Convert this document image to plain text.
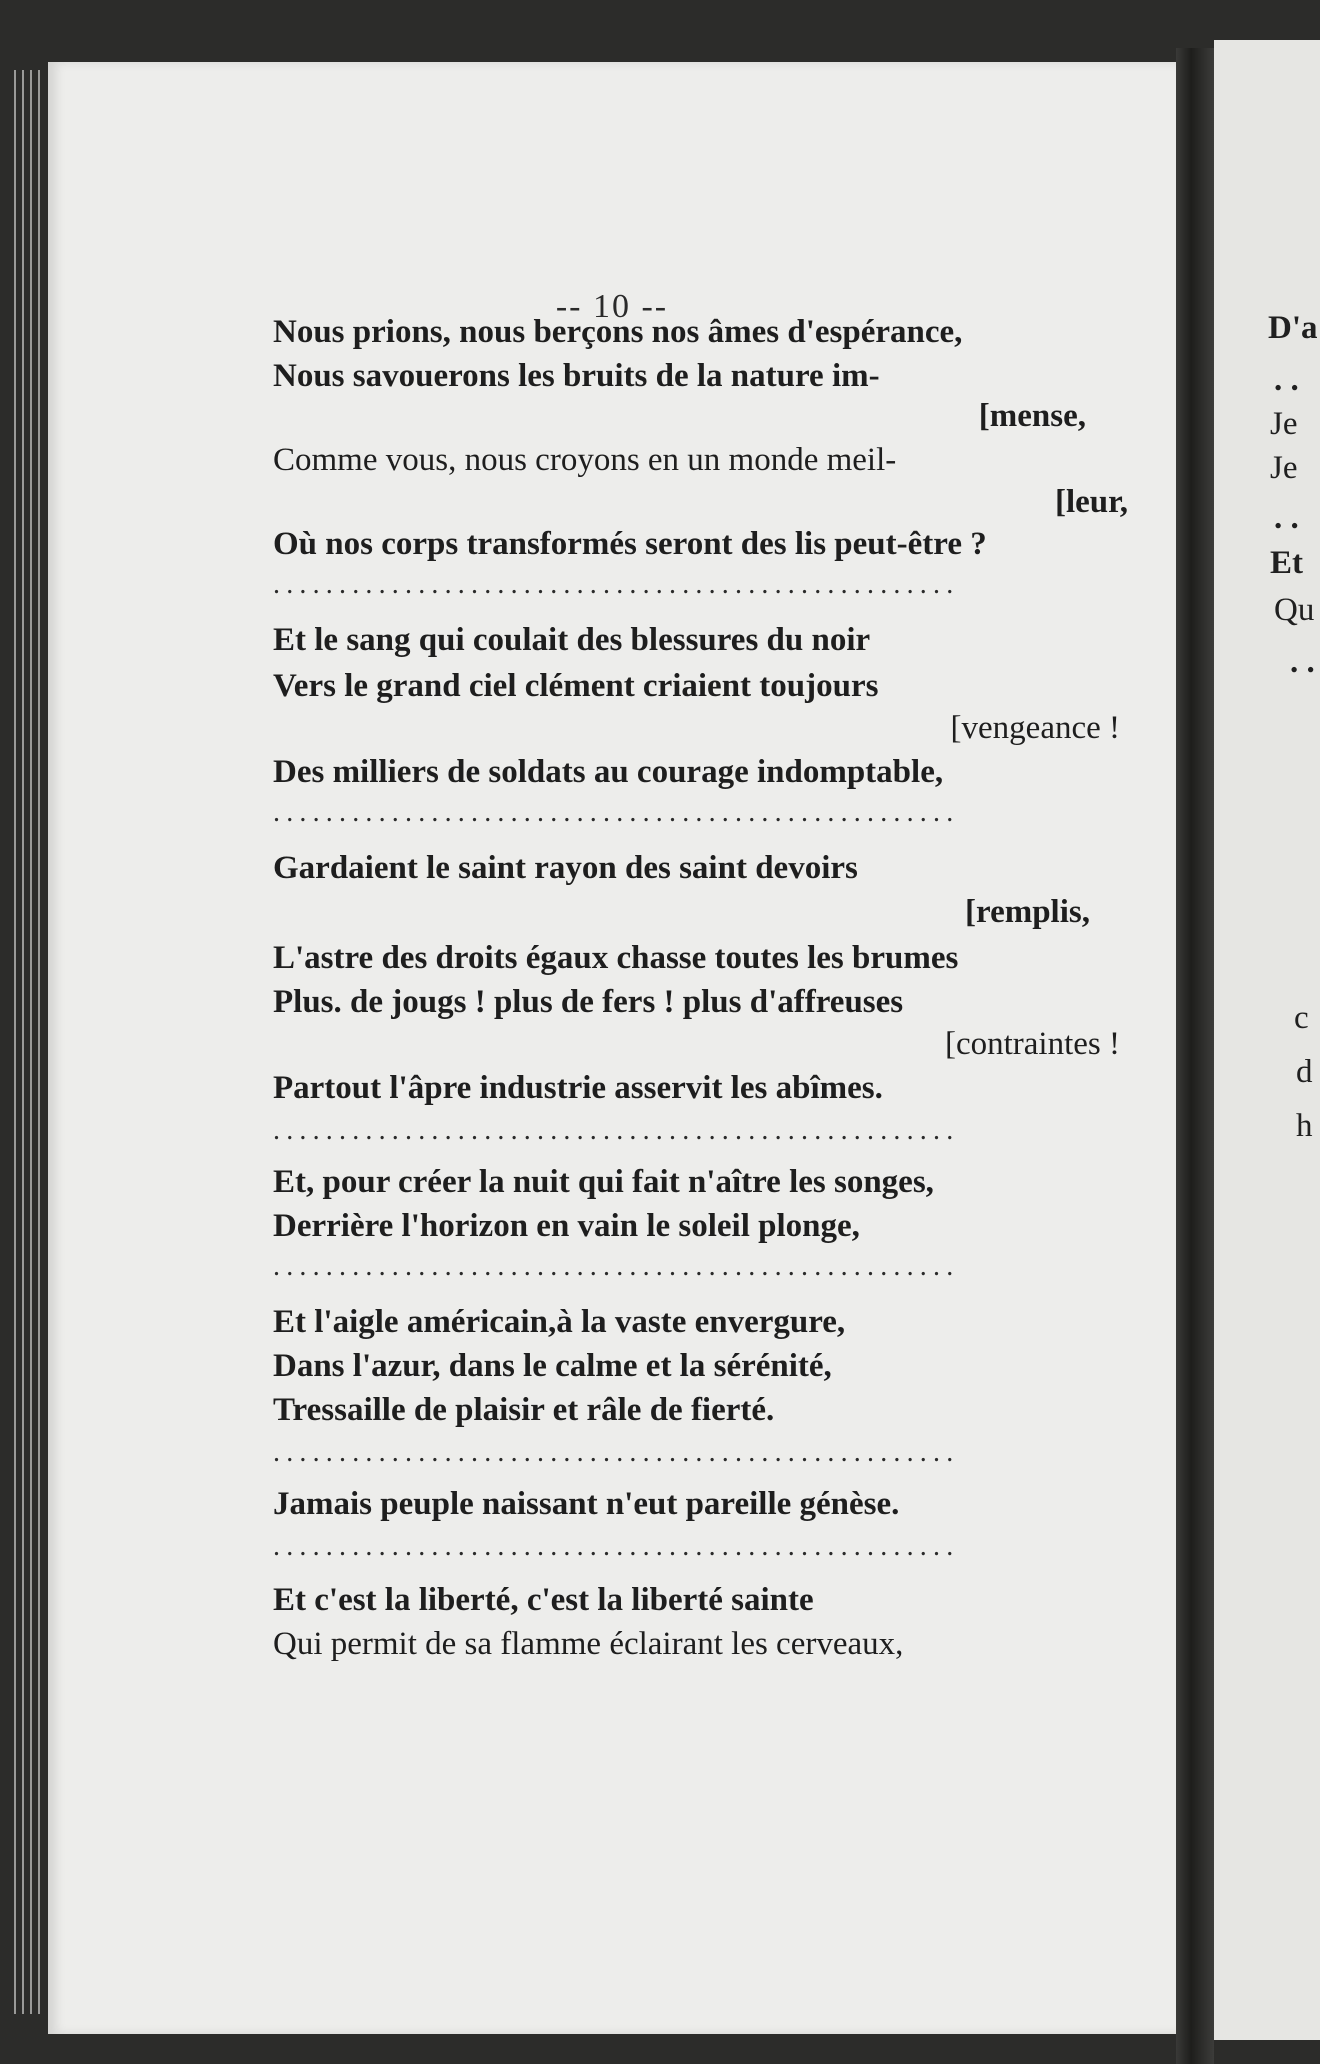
-- 10 --
Nous prions, nous berçons nos âmes d'espérance,
Nous savouerons les bruits de la nature im-
[mense,
Comme vous, nous croyons en un monde meil-
[leur,
Où nos corps transformés seront des lis peut-être ?
....................................................
Et le sang qui coulait des blessures du noir
Vers le grand ciel clément criaient toujours
[vengeance !
Des milliers de soldats au courage indomptable,
....................................................
Gardaient le saint rayon des saint devoirs
[remplis,
L'astre des droits égaux chasse toutes les brumes
Plus. de jougs ! plus de fers ! plus d'affreuses
[contraintes !
Partout l'âpre industrie asservit les abîmes.
....................................................
Et, pour créer la nuit qui fait n'aître les songes,
Derrière l'horizon en vain le soleil plonge,
....................................................
Et l'aigle américain,à la vaste envergure,
Dans l'azur, dans le calme et la sérénité,
Tressaille de plaisir et râle de fierté.
....................................................
Jamais peuple naissant n'eut pareille génèse.
....................................................
Et c'est la liberté, c'est la liberté sainte
Qui permit de sa flamme éclairant les cerveaux,
D'a
. .
Je
Je
. .
Et
Qu
. .
c
d
h
